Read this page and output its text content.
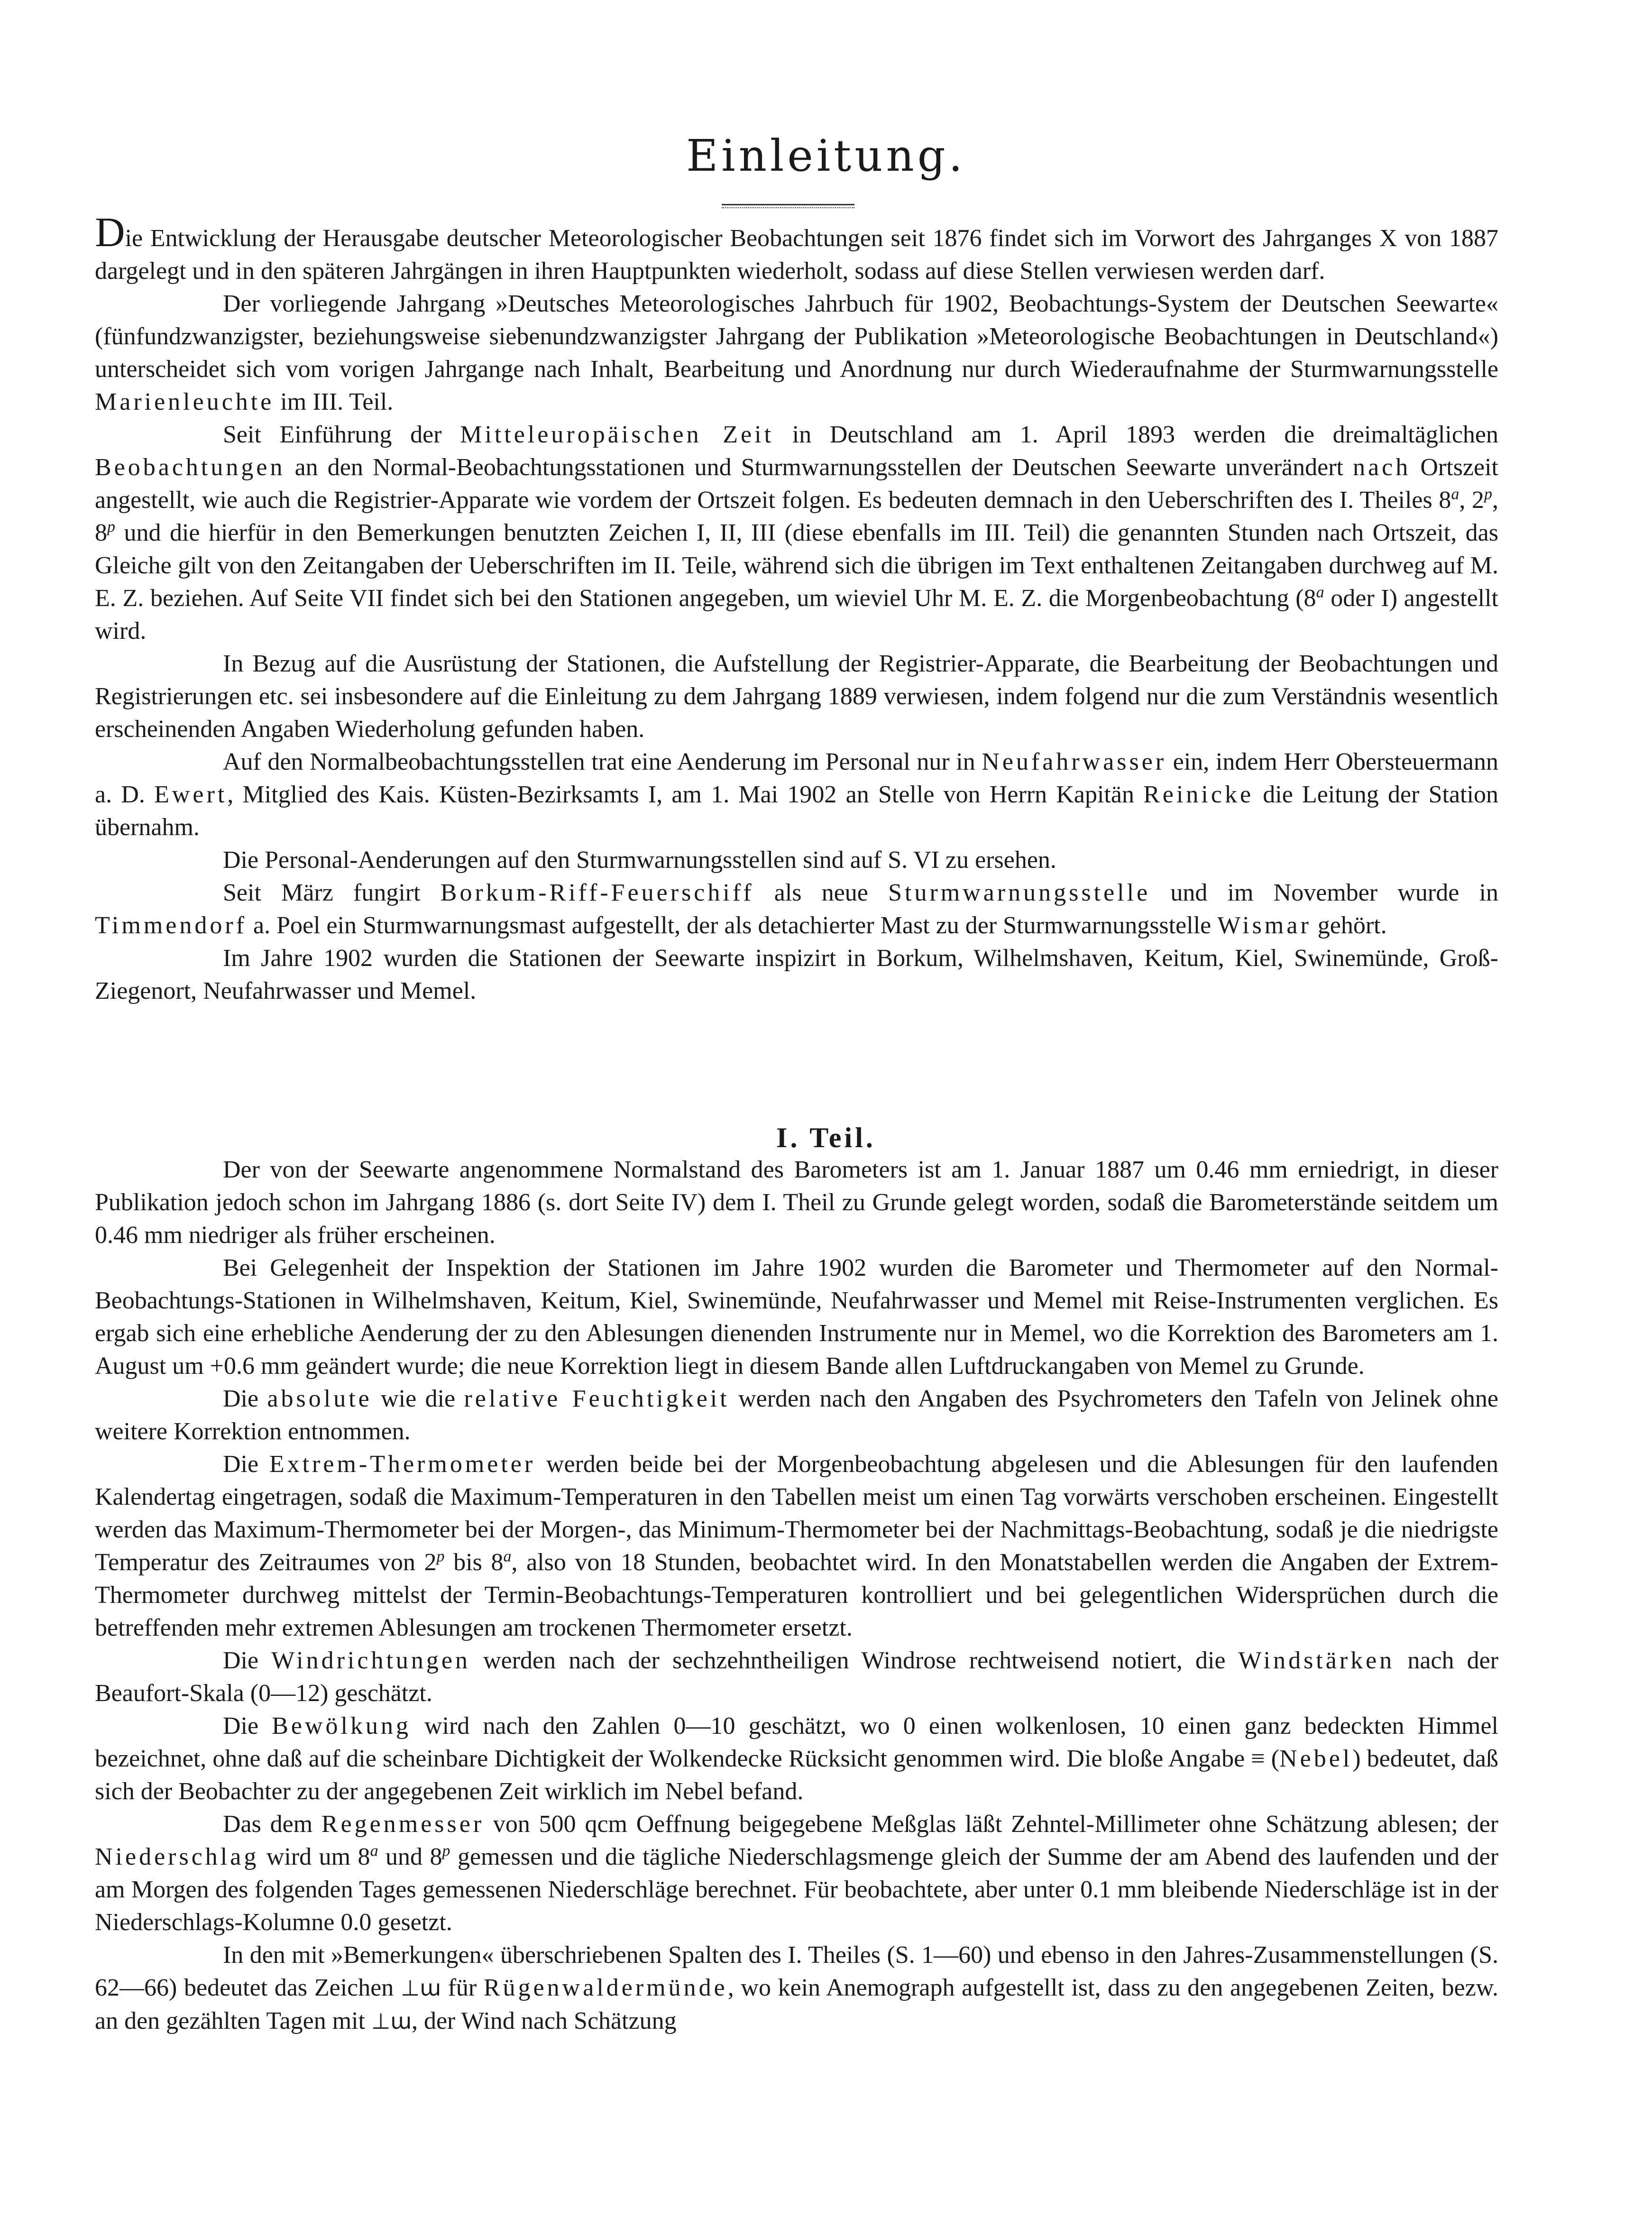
Einleitung.

Die Entwicklung der Herausgabe deutscher Meteorologischer Beobachtungen seit 1876 findet sich im Vorwort des Jahrganges X von 1887 dargelegt und in den späteren Jahrgängen in ihren Hauptpunkten wiederholt, sodass auf diese Stellen verwiesen werden darf.

Der vorliegende Jahrgang »Deutsches Meteorologisches Jahrbuch für 1902, Beobachtungs-System der Deutschen Seewarte« (fünfundzwanzigster, beziehungsweise siebenundzwanzigster Jahrgang der Publikation »Meteorologische Beobachtungen in Deutschland«) unterscheidet sich vom vorigen Jahrgange nach Inhalt, Bearbeitung und Anordnung nur durch Wiederaufnahme der Sturmwarnungsstelle Marienleuchte im III. Teil.

Seit Einführung der Mitteleuropäischen Zeit in Deutschland am 1. April 1893 werden die dreimaltäglichen Beobachtungen an den Normal-Beobachtungsstationen und Sturmwarnungsstellen der Deutschen Seewarte unverändert nach Ortszeit angestellt, wie auch die Registrier-Apparate wie vordem der Ortszeit folgen. Es bedeuten demnach in den Ueberschriften des I. Theiles 8$^a$, 2$^p$, 8$^p$ und die hierfür in den Bemerkungen benutzten Zeichen I, II, III (diese ebenfalls im III. Teil) die genannten Stunden nach Ortszeit, das Gleiche gilt von den Zeitangaben der Ueberschriften im II. Teile, während sich die übrigen im Text enthaltenen Zeitangaben durchweg auf M. E. Z. beziehen. Auf Seite VII findet sich bei den Stationen angegeben, um wieviel Uhr M. E. Z. die Morgenbeobachtung (8$^a$ oder I) angestellt wird.

In Bezug auf die Ausrüstung der Stationen, die Aufstellung der Registrier-Apparate, die Bearbeitung der Beobachtungen und Registrierungen etc. sei insbesondere auf die Einleitung zu dem Jahrgang 1889 verwiesen, indem folgend nur die zum Verständnis wesentlich erscheinenden Angaben Wiederholung gefunden haben.

Auf den Normalbeobachtungsstellen trat eine Aenderung im Personal nur in Neufahrwasser ein, indem Herr Obersteuermann a. D. Ewert, Mitglied des Kais. Küsten-Bezirksamts I, am 1. Mai 1902 an Stelle von Herrn Kapitän Reinicke die Leitung der Station übernahm.

Die Personal-Aenderungen auf den Sturmwarnungsstellen sind auf S. VI zu ersehen.

Seit März fungirt Borkum-Riff-Feuerschiff als neue Sturmwarnungsstelle und im November wurde in Timmendorf a. Poel ein Sturmwarnungsmast aufgestellt, der als detachierter Mast zu der Sturmwarnungsstelle Wismar gehört.

Im Jahre 1902 wurden die Stationen der Seewarte inspizirt in Borkum, Wilhelmshaven, Keitum, Kiel, Swinemünde, Groß-Ziegenort, Neufahrwasser und Memel.

I. Teil.

Der von der Seewarte angenommene Normalstand des Barometers ist am 1. Januar 1887 um 0.46 mm erniedrigt, in dieser Publikation jedoch schon im Jahrgang 1886 (s. dort Seite IV) dem I. Theil zu Grunde gelegt worden, sodaß die Barometerstände seitdem um 0.46 mm niedriger als früher erscheinen.

Bei Gelegenheit der Inspektion der Stationen im Jahre 1902 wurden die Barometer und Thermometer auf den Normal-Beobachtungs-Stationen in Wilhelmshaven, Keitum, Kiel, Swinemünde, Neufahrwasser und Memel mit Reise-Instrumenten verglichen. Es ergab sich eine erhebliche Aenderung der zu den Ablesungen dienenden Instrumente nur in Memel, wo die Korrektion des Barometers am 1. August um +0.6 mm geändert wurde; die neue Korrektion liegt in diesem Bande allen Luftdruckangaben von Memel zu Grunde.

Die absolute wie die relative Feuchtigkeit werden nach den Angaben des Psychrometers den Tafeln von Jelinek ohne weitere Korrektion entnommen.

Die Extrem-Thermometer werden beide bei der Morgenbeobachtung abgelesen und die Ablesungen für den laufenden Kalendertag eingetragen, sodaß die Maximum-Temperaturen in den Tabellen meist um einen Tag vorwärts verschoben erscheinen. Eingestellt werden das Maximum-Thermometer bei der Morgen-, das Minimum-Thermometer bei der Nachmittags-Beobachtung, sodaß je die niedrigste Temperatur des Zeitraumes von 2$^p$ bis 8$^a$, also von 18 Stunden, beobachtet wird. In den Monatstabellen werden die Angaben der Extrem-Thermometer durchweg mittelst der Termin-Beobachtungs-Temperaturen kontrolliert und bei gelegentlichen Widersprüchen durch die betreffenden mehr extremen Ablesungen am trockenen Thermometer ersetzt.

Die Windrichtungen werden nach der sechzehntheiligen Windrose rechtweisend notiert, die Windstärken nach der Beaufort-Skala (0—12) geschätzt.

Die Bewölkung wird nach den Zahlen 0—10 geschätzt, wo 0 einen wolkenlosen, 10 einen ganz bedeckten Himmel bezeichnet, ohne daß auf die scheinbare Dichtigkeit der Wolkendecke Rücksicht genommen wird. Die bloße Angabe ≡ (Nebel) bedeutet, daß sich der Beobachter zu der angegebenen Zeit wirklich im Nebel befand.

Das dem Regenmesser von 500 qcm Oeffnung beigegebene Meßglas läßt Zehntel-Millimeter ohne Schätzung ablesen; der Niederschlag wird um 8$^a$ und 8$^p$ gemessen und die tägliche Niederschlagsmenge gleich der Summe der am Abend des laufenden und der am Morgen des folgenden Tages gemessenen Niederschläge berechnet. Für beobachtete, aber unter 0.1 mm bleibende Niederschläge ist in der Niederschlags-Kolumne 0.0 gesetzt.

In den mit »Bemerkungen« überschriebenen Spalten des I. Theiles (S. 1—60) und ebenso in den Jahres-Zusammenstellungen (S. 62—66) bedeutet das Zeichen ⊥ɯ für Rügenwaldermünde, wo kein Anemograph aufgestellt ist, dass zu den angegebenen Zeiten, bezw. an den gezählten Tagen mit ⊥ɯ, der Wind nach Schätzung
